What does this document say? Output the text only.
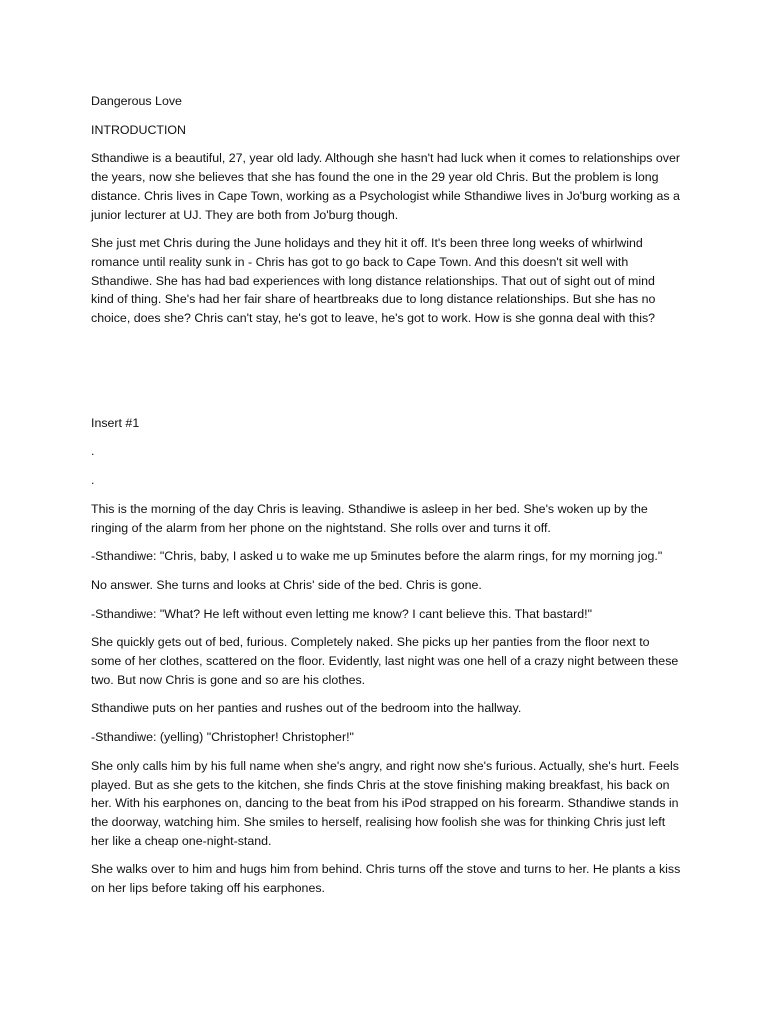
Dangerous Love

INTRODUCTION

Sthandiwe is a beautiful, 27, year old lady. Although she hasn't had luck when it comes to relationships over the years, now she believes that she has found the one in the 29 year old Chris. But the problem is long distance. Chris lives in Cape Town, working as a Psychologist while Sthandiwe lives in Jo'burg working as a junior lecturer at UJ. They are both from Jo'burg though.

She just met Chris during the June holidays and they hit it off. It's been three long weeks of whirlwind romance until reality sunk in - Chris has got to go back to Cape Town. And this doesn't sit well with Sthandiwe. She has had bad experiences with long distance relationships. That out of sight out of mind kind of thing. She's had her fair share of heartbreaks due to long distance relationships. But she has no choice, does she? Chris can't stay, he's got to leave, he's got to work. How is she gonna deal with this?

Insert #1

.

.

This is the morning of the day Chris is leaving. Sthandiwe is asleep in her bed. She's woken up by the ringing of the alarm from her phone on the nightstand. She rolls over and turns it off.

-Sthandiwe: "Chris, baby, I asked u to wake me up 5minutes before the alarm rings, for my morning jog."

No answer. She turns and looks at Chris' side of the bed. Chris is gone.

-Sthandiwe: "What? He left without even letting me know? I cant believe this. That bastard!"

She quickly gets out of bed, furious. Completely naked. She picks up her panties from the floor next to some of her clothes, scattered on the floor. Evidently, last night was one hell of a crazy night between these two. But now Chris is gone and so are his clothes.

Sthandiwe puts on her panties and rushes out of the bedroom into the hallway.

-Sthandiwe: (yelling) "Christopher! Christopher!"

She only calls him by his full name when she's angry, and right now she's furious. Actually, she's hurt. Feels played. But as she gets to the kitchen, she finds Chris at the stove finishing making breakfast, his back on her. With his earphones on, dancing to the beat from his iPod strapped on his forearm. Sthandiwe stands in the doorway, watching him. She smiles to herself, realising how foolish she was for thinking Chris just left her like a cheap one-night-stand.

She walks over to him and hugs him from behind. Chris turns off the stove and turns to her. He plants a kiss on her lips before taking off his earphones.
